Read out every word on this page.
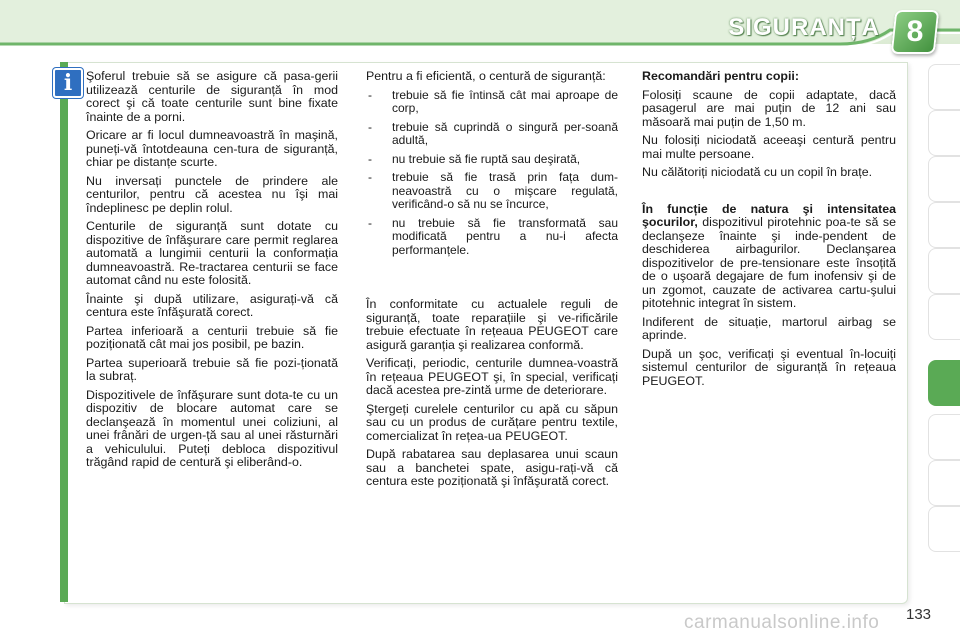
SIGURANȚA 8
i	Şoferul trebuie să se asigure că pasa-gerii utilizează centurile de siguranță în mod corect şi că toate centurile sunt bine fixate înainte de a porni.

Oricare ar fi locul dumneavoastră în maşină, puneți-vă întotdeauna cen-tura de siguranță, chiar pe distanțe scurte.

Nu inversați punctele de prindere ale centurilor, pentru că acestea nu îşi mai îndeplinesc pe deplin rolul.

Centurile de siguranță sunt dotate cu dispozitive de înfăşurare care permit reglarea automată a lungimii centurii la conformația dumneavoastră. Re-tractarea centurii se face automat când nu este folosită.

Înainte şi după utilizare, asigurați-vă că centura este înfăşurată corect.

Partea inferioară a centurii trebuie să fie poziționată cât mai jos posibil, pe bazin.

Partea superioară trebuie să fie pozi-ționată la subraț.

Dispozitivele de înfăşurare sunt dota-te cu un dispozitiv de blocare automat care se declanşează în momentul unei coliziuni, al unei frânări de urgen-ță sau al unei răsturnări a vehiculului. Puteți debloca dispozitivul trăgând rapid de centură şi eliberând-o.

Pentru a fi eficientă, o centură de siguranță:

- trebuie să fie întinsă cât mai aproape de corp,
- trebuie să cuprindă o singură per-soană adultă,
- nu trebuie să fie ruptă sau deşirată,
- trebuie să fie trasă prin fața dum-neavoastră cu o mişcare regulată, verificând-o să nu se încurce,
- nu trebuie să fie transformată sau modificată pentru a nu-i afecta performanțele.

În conformitate cu actualele reguli de siguranță, toate reparațiile şi ve-rificările trebuie efectuate în rețeaua PEUGEOT care asigură garanția şi realizarea conformă.

Verificați, periodic, centurile dumnea-voastră în rețeaua PEUGEOT şi, în special, verificați dacă acestea pre-zintă urme de deteriorare.

Ştergeți curelele centurilor cu apă cu săpun sau cu un produs de curățare pentru textile, comercializat în rețea-ua PEUGEOT.

După rabatarea sau deplasarea unui scaun sau a banchetei spate, asigu-rați-vă că centura este poziționată şi înfăşurată corect.

Recomandări pentru copii:

Folosiți scaune de copii adaptate, dacă pasagerul are mai puțin de 12 ani sau măsoară mai puțin de 1,50 m.

Nu folosiți niciodată aceeaşi centură pentru mai multe persoane.

Nu călătoriți niciodată cu un copil în brațe.

În funcție de natura şi intensitatea şocurilor, dispozitivul pirotehnic poa-te să se declanşeze înainte şi inde-pendent de deschiderea airbagurilor. Declanşarea dispozitivelor de pre-tensionare este însoțită de o uşoară degajare de fum inofensiv şi de un zgomot, cauzate de activarea cartu-şului pitotehnic integrat în sistem.

Indiferent de situație, martorul airbag se aprinde.

După un şoc, verificați şi eventual în-locuiți sistemul centurilor de siguranță în rețeaua PEUGEOT.

carmanualsonline.info 133
